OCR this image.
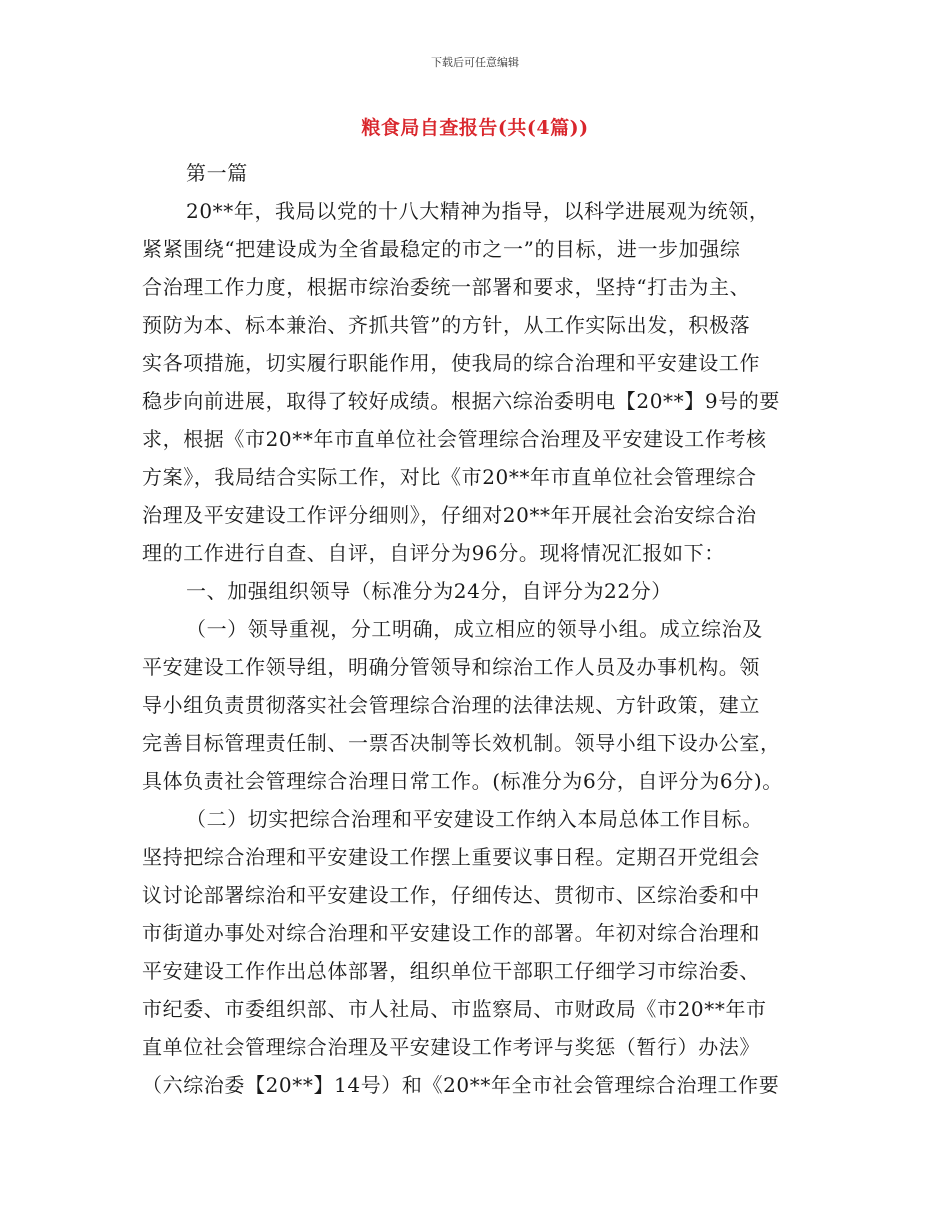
下载后可任意编辑
粮食局自查报告(共(4篇))
第一篇
20**年，我局以党的十八大精神为指导，以科学进展观为统领，
紧紧围绕“把建设成为全省最稳定的市之一”的目标，进一步加强综
合治理工作力度，根据市综治委统一部署和要求，坚持“打击为主、
预防为本、标本兼治、齐抓共管”的方针，从工作实际出发，积极落
实各项措施，切实履行职能作用，使我局的综合治理和平安建设工作
稳步向前进展，取得了较好成绩。根据六综治委明电【20**】9号的要
求，根据《市20**年市直单位社会管理综合治理及平安建设工作考核
方案》，我局结合实际工作，对比《市20**年市直单位社会管理综合
治理及平安建设工作评分细则》，仔细对20**年开展社会治安综合治
理的工作进行自查、自评，自评分为96分。现将情况汇报如下：
一、加强组织领导（标准分为24分，自评分为22分）
（一）领导重视，分工明确，成立相应的领导小组。成立综治及
平安建设工作领导组，明确分管领导和综治工作人员及办事机构。领
导小组负责贯彻落实社会管理综合治理的法律法规、方针政策，建立
完善目标管理责任制、一票否决制等长效机制。领导小组下设办公室，
具体负责社会管理综合治理日常工作。(标准分为6分，自评分为6分)。
（二）切实把综合治理和平安建设工作纳入本局总体工作目标。
坚持把综合治理和平安建设工作摆上重要议事日程。定期召开党组会
议讨论部署综治和平安建设工作，仔细传达、贯彻市、区综治委和中
市街道办事处对综合治理和平安建设工作的部署。年初对综合治理和
平安建设工作作出总体部署，组织单位干部职工仔细学习市综治委、
市纪委、市委组织部、市人社局、市监察局、市财政局《市20**年市
直单位社会管理综合治理及平安建设工作考评与奖惩（暂行）办法》
（六综治委【20**】14号）和《20**年全市社会管理综合治理工作要
